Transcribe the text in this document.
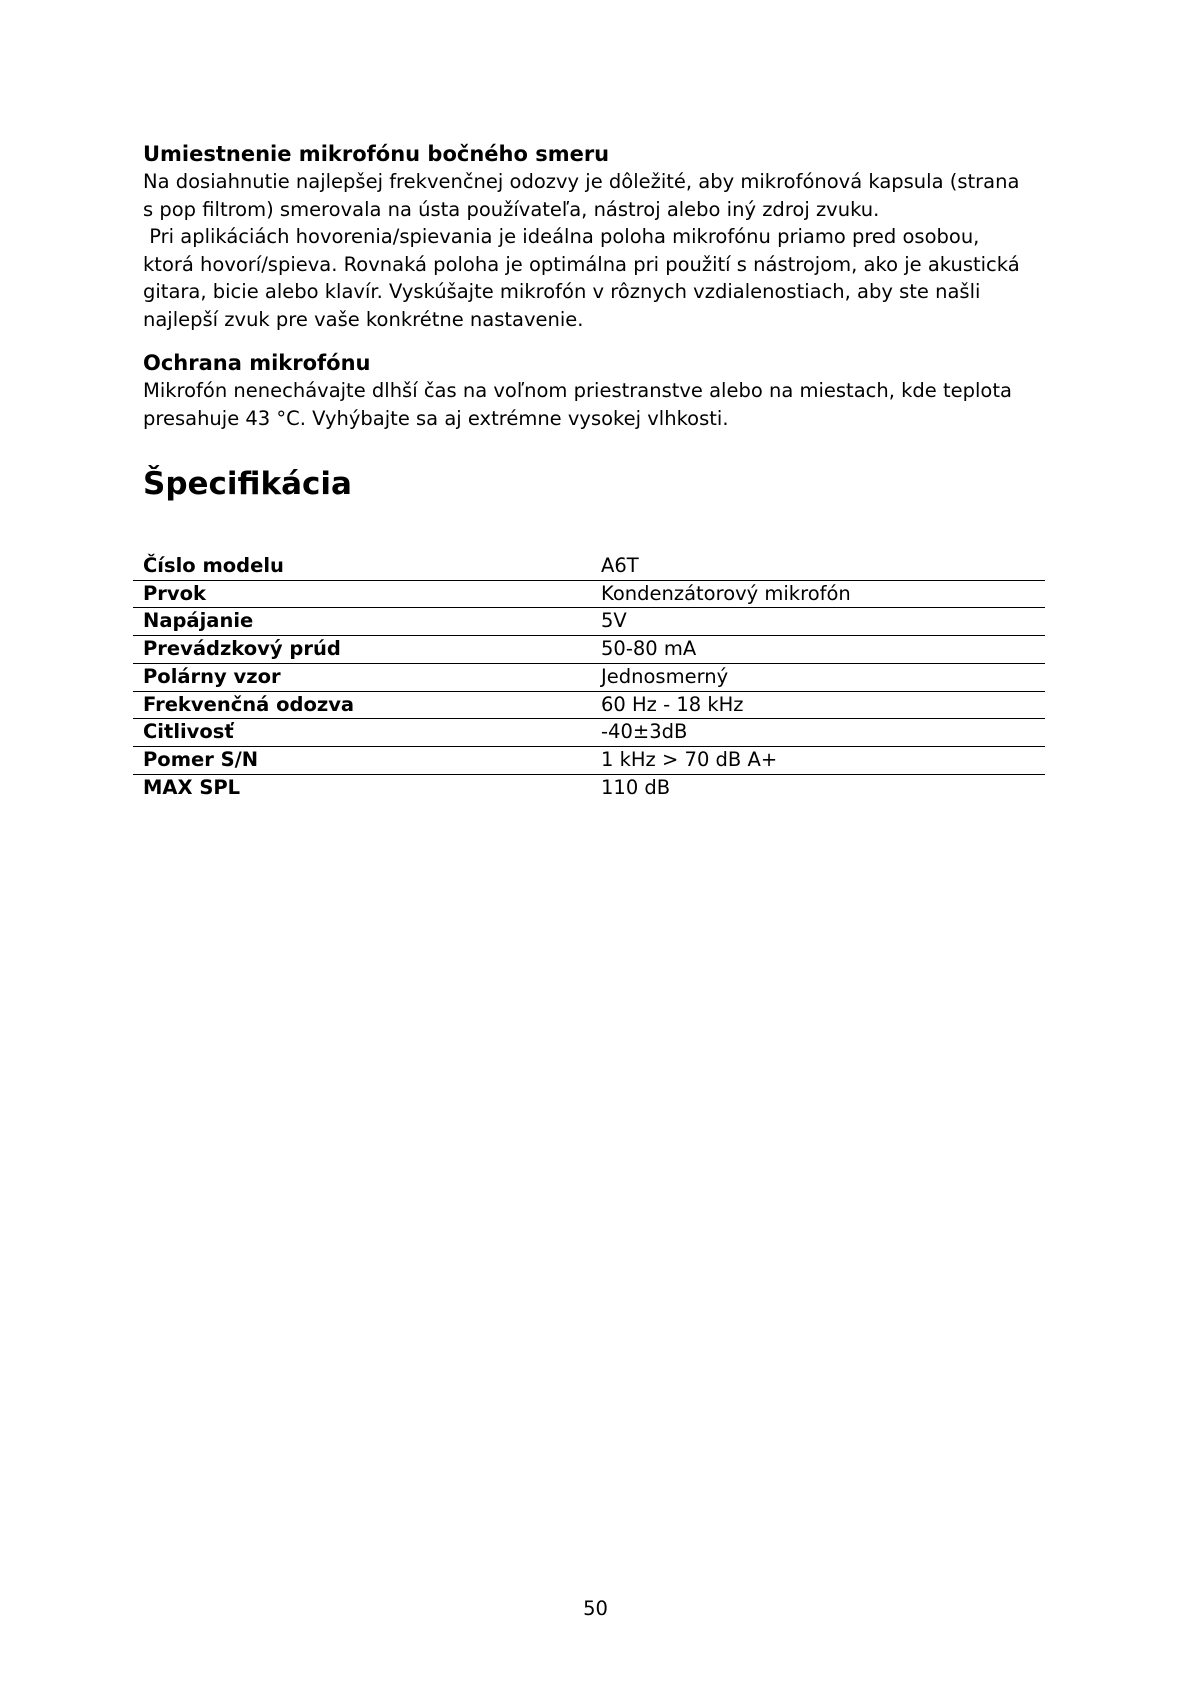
Umiestnenie mikrofónu bočného smeru
Na dosiahnutie najlepšej frekvenčnej odozvy je dôležité, aby mikrofónová kapsula (strana
s pop filtrom) smerovala na ústa používateľa, nástroj alebo iný zdroj zvuku.
Pri aplikáciách hovorenia/spievania je ideálna poloha mikrofónu priamo pred osobou,
ktorá hovorí/spieva. Rovnaká poloha je optimálna pri použití s nástrojom, ako je akustická
gitara, bicie alebo klavír. Vyskúšajte mikrofón v rôznych vzdialenostiach, aby ste našli
najlepší zvuk pre vaše konkrétne nastavenie.
Ochrana mikrofónu
Mikrofón nenechávajte dlhší čas na voľnom priestranstve alebo na miestach, kde teplota
presahuje 43 °C. Vyhýbajte sa aj extrémne vysokej vlhkosti.
Špecifikácia
Číslo modelu	A6T
Prvok	Kondenzátorový mikrofón
Napájanie	5V
Prevádzkový prúd	50-80 mA
Polárny vzor	Jednosmerný
Frekvenčná odozva	60 Hz - 18 kHz
Citlivosť	-40±3dB
Pomer S/N	1 kHz > 70 dB A+
MAX SPL	110 dB
50
